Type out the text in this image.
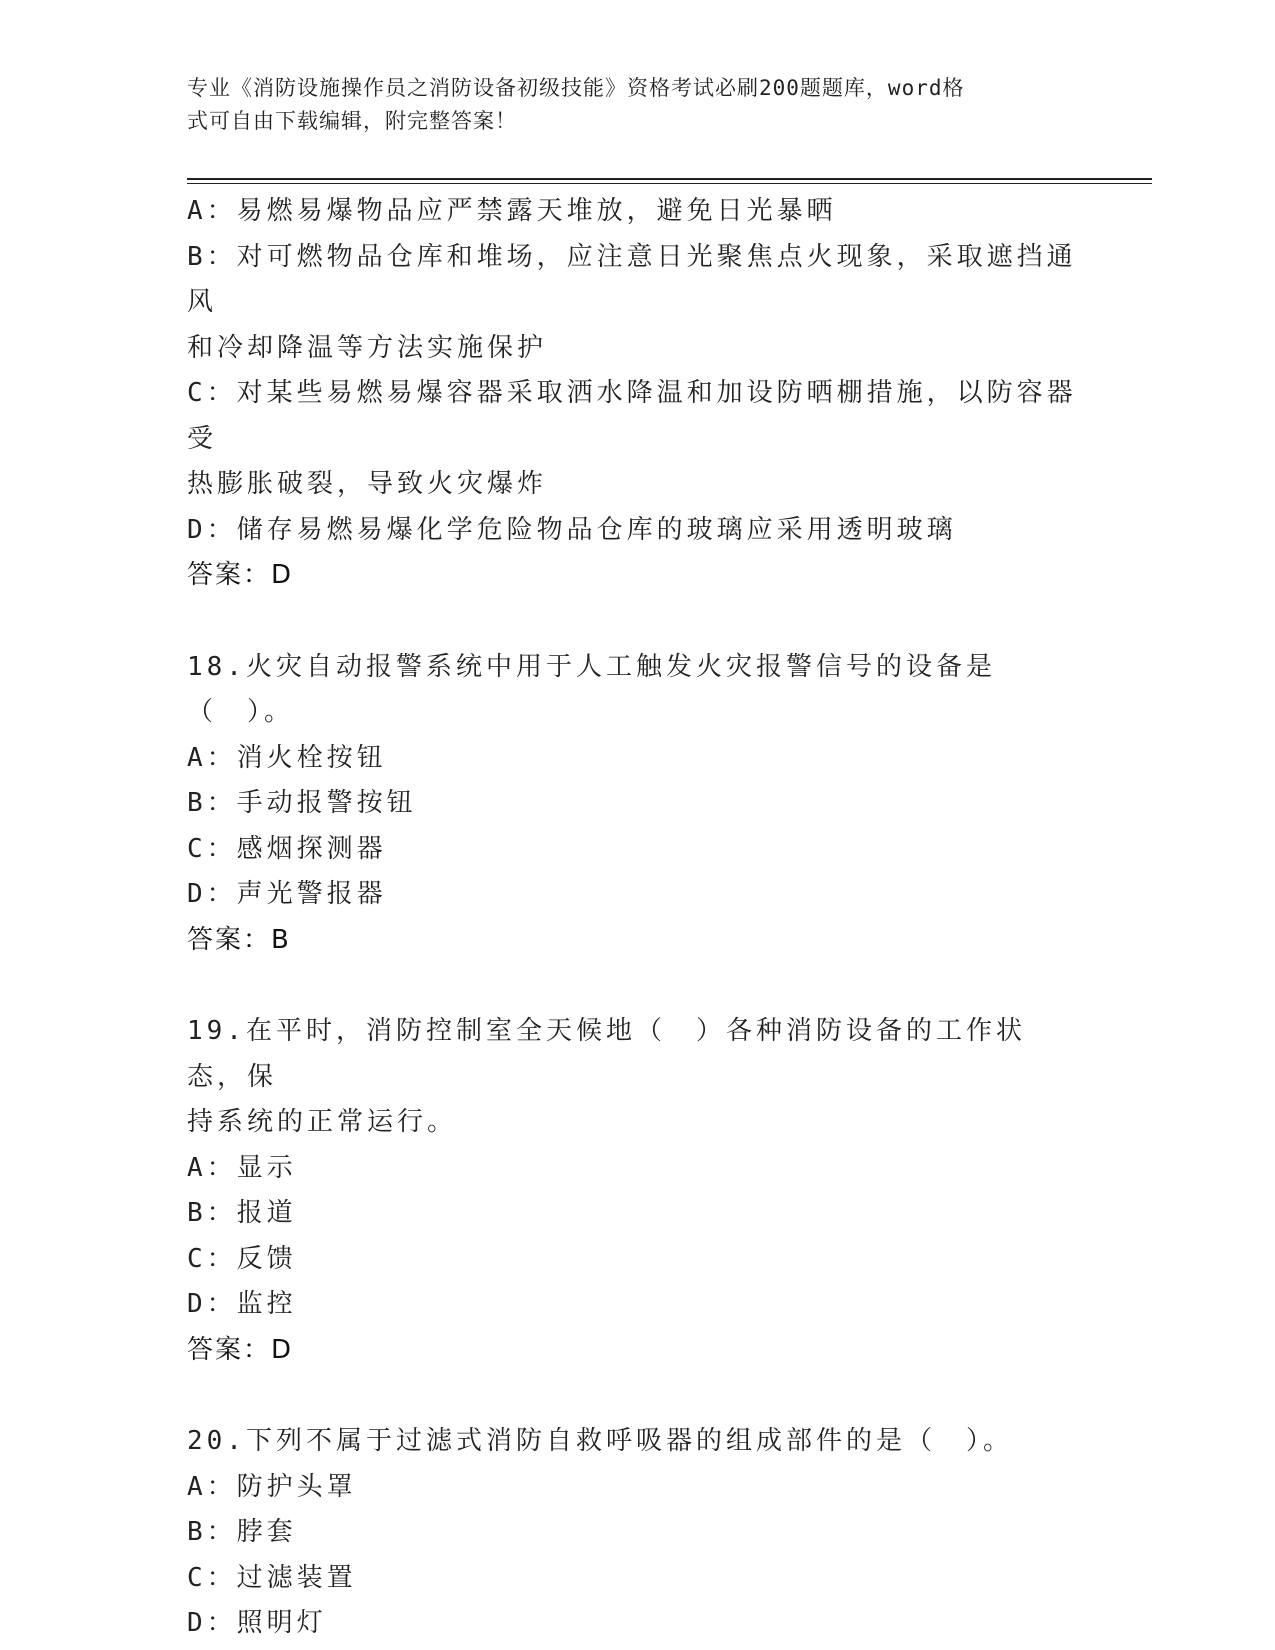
专业《消防设施操作员之消防设备初级技能》资格考试必刷200题题库，word格
式可自由下载编辑，附完整答案！
A：易燃易爆物品应严禁露天堆放，避免日光暴晒
B：对可燃物品仓库和堆场，应注意日光聚焦点火现象，采取遮挡通风
和冷却降温等方法实施保护
C：对某些易燃易爆容器采取洒水降温和加设防晒棚措施，以防容器受
热膨胀破裂，导致火灾爆炸
D：储存易燃易爆化学危险物品仓库的玻璃应采用透明玻璃
答案：D
18.火灾自动报警系统中用于人工触发火灾报警信号的设备是（　）。
A：消火栓按钮
B：手动报警按钮
C：感烟探测器
D：声光警报器
答案：B
19.在平时，消防控制室全天候地（　）各种消防设备的工作状态，保
持系统的正常运行。
A：显示
B：报道
C：反馈
D：监控
答案：D
20.下列不属于过滤式消防自救呼吸器的组成部件的是（　）。
A：防护头罩
B：脖套
C：过滤装置
D：照明灯
